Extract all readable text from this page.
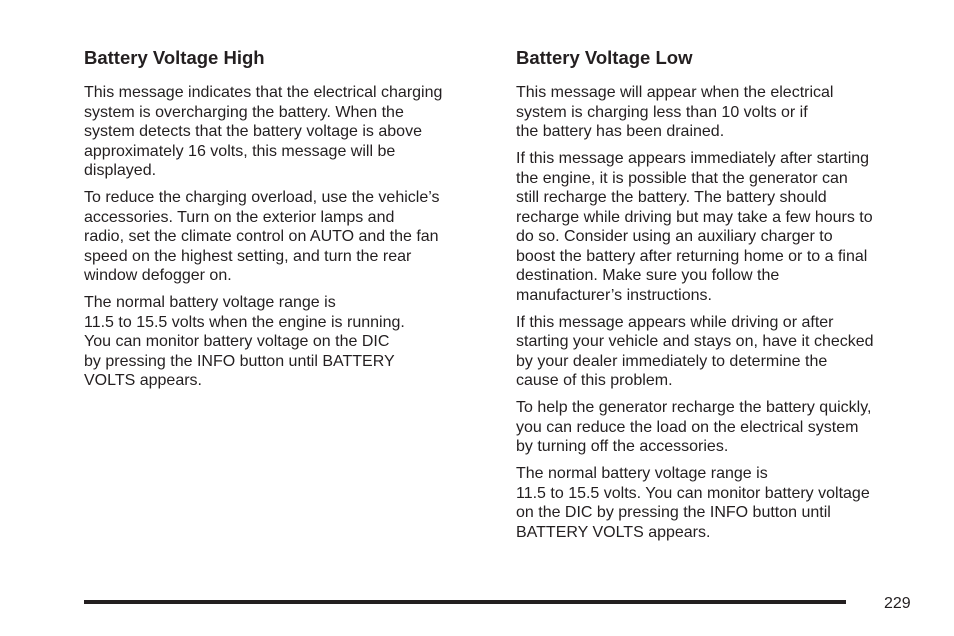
Battery Voltage High

This message indicates that the electrical charging
system is overcharging the battery. When the
system detects that the battery voltage is above
approximately 16 volts, this message will be
displayed.

To reduce the charging overload, use the vehicle’s
accessories. Turn on the exterior lamps and
radio, set the climate control on AUTO and the fan
speed on the highest setting, and turn the rear
window defogger on.

The normal battery voltage range is
11.5 to 15.5 volts when the engine is running.
You can monitor battery voltage on the DIC
by pressing the INFO button until BATTERY
VOLTS appears.

Battery Voltage Low

This message will appear when the electrical
system is charging less than 10 volts or if
the battery has been drained.

If this message appears immediately after starting
the engine, it is possible that the generator can
still recharge the battery. The battery should
recharge while driving but may take a few hours to
do so. Consider using an auxiliary charger to
boost the battery after returning home or to a final
destination. Make sure you follow the
manufacturer’s instructions.

If this message appears while driving or after
starting your vehicle and stays on, have it checked
by your dealer immediately to determine the
cause of this problem.

To help the generator recharge the battery quickly,
you can reduce the load on the electrical system
by turning off the accessories.

The normal battery voltage range is
11.5 to 15.5 volts. You can monitor battery voltage
on the DIC by pressing the INFO button until
BATTERY VOLTS appears.

229
